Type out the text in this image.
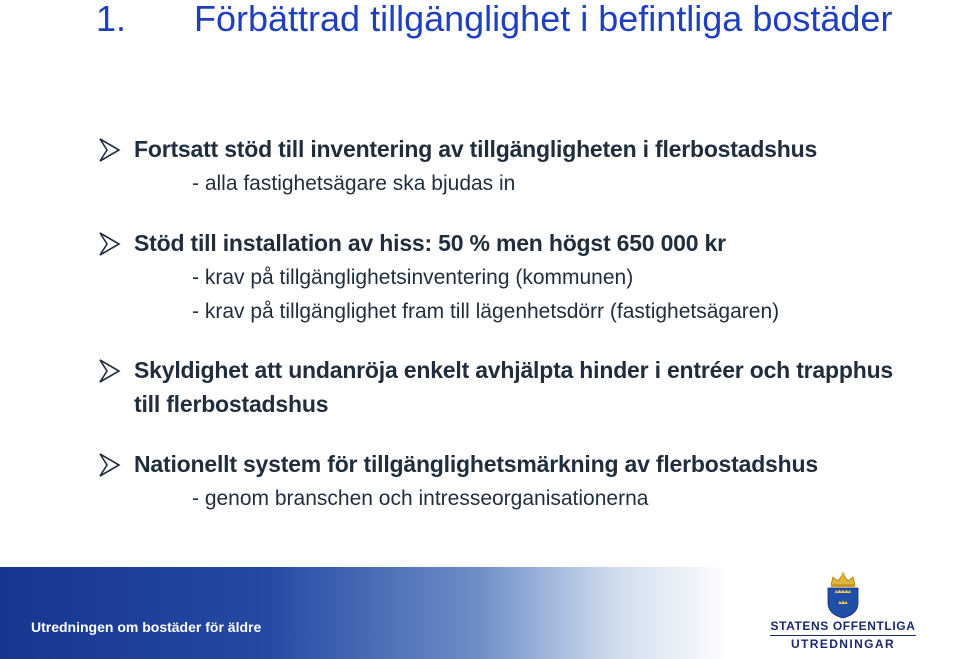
1. Förbättrad tillgänglighet i befintliga bostäder
Fortsatt stöd till inventering av tillgängligheten i flerbostadshus
- alla fastighetsägare ska bjudas in
Stöd till installation av hiss: 50 % men högst 650 000 kr
- krav på tillgänglighetsinventering (kommunen)
- krav på tillgänglighet fram till lägenhetsdörr (fastighetsägaren)
Skyldighet att undanröja enkelt avhjälpta hinder i entréer och trapphus till flerbostadshus
Nationellt system för tillgänglighetsmärkning av flerbostadshus
- genom branschen och intresseorganisationerna
Utredningen om bostäder för äldre	STATENS OFFENTLIGA
UTREDNINGAR
